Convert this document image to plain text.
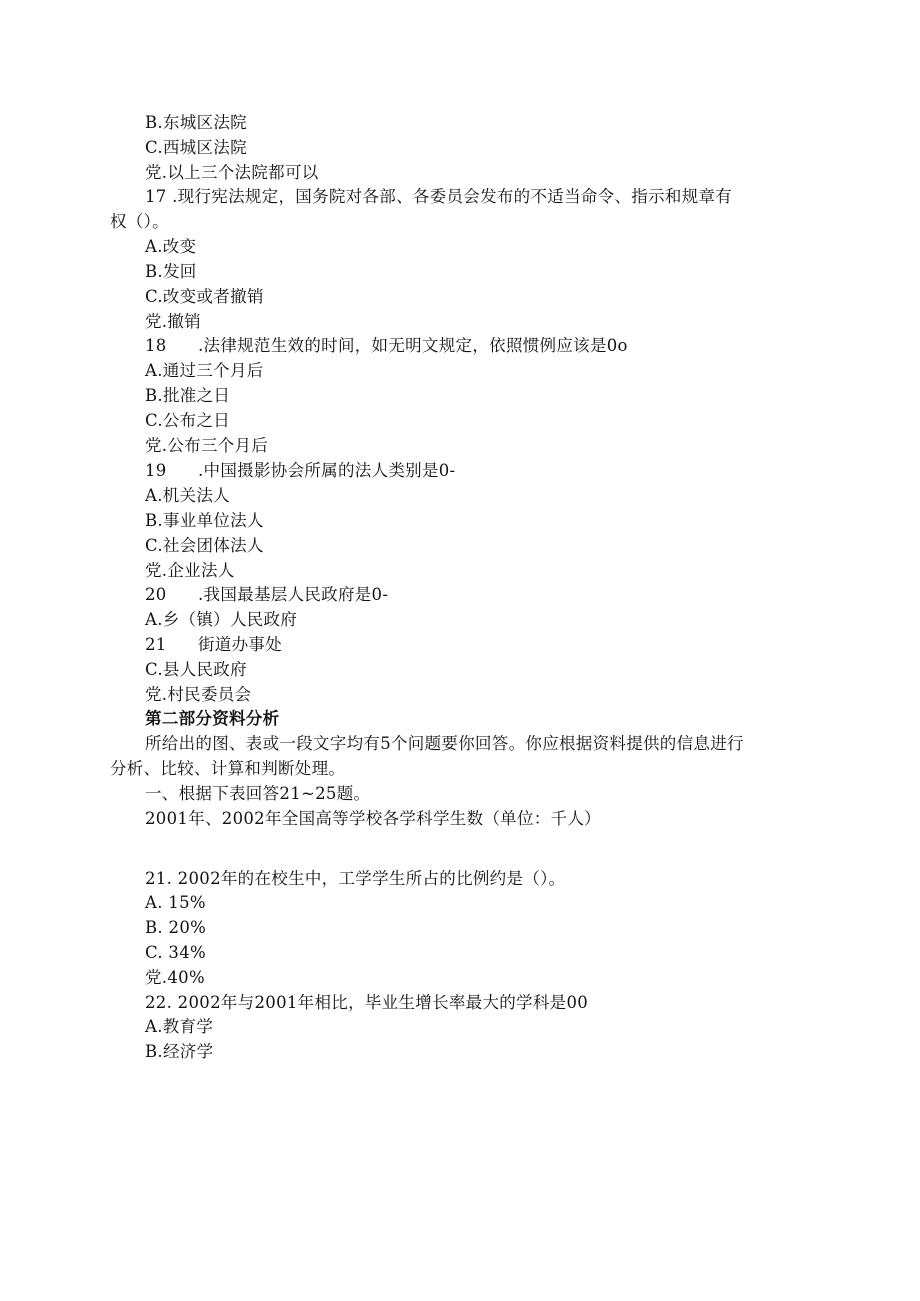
B.东城区法院
C.西城区法院
党.以上三个法院都可以
17 .现行宪法规定，国务院对各部、各委员会发布的不适当命令、指示和规章有
权（）。
A.改变
B.发回
C.改变或者撤销
党.撤销
18 .法律规范生效的时间，如无明文规定，依照惯例应该是0o
A.通过三个月后
B.批准之日
C.公布之日
党.公布三个月后
19 .中国摄影协会所属的法人类别是0-
A.机关法人
B.事业单位法人
C.社会团体法人
党.企业法人
20 .我国最基层人民政府是0-
A.乡（镇）人民政府
21 街道办事处
C.县人民政府
党.村民委员会
第二部分资料分析
所给出的图、表或一段文字均有5个问题要你回答。你应根据资料提供的信息进行
分析、比较、计算和判断处理。
一、根据下表回答21~25题。
2001年、2002年全国高等学校各学科学生数（单位：千人）
21. 2002年的在校生中，工学学生所占的比例约是（）。
A. 15%
B. 20%
C. 34%
党.40%
22. 2002年与2001年相比，毕业生增长率最大的学科是00
A.教育学
B.经济学
